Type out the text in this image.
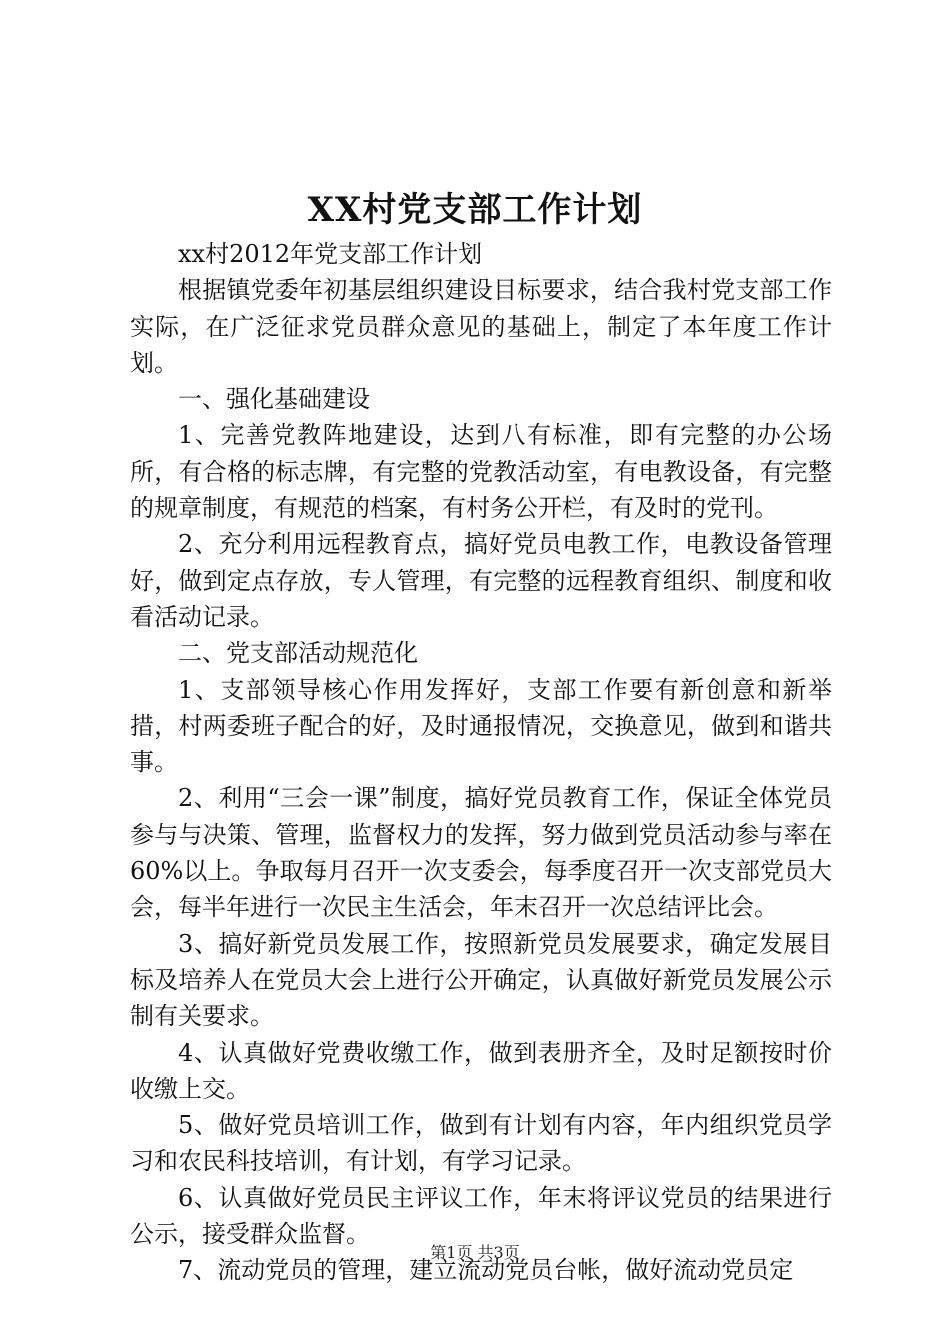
XX村党支部工作计划

xx村2012年党支部工作计划

根据镇党委年初基层组织建设目标要求，结合我村党支部工作实际，在广泛征求党员群众意见的基础上，制定了本年度工作计划。

一、强化基础建设

1、完善党教阵地建设，达到八有标准，即有完整的办公场所，有合格的标志牌，有完整的党教活动室，有电教设备，有完整的规章制度，有规范的档案，有村务公开栏，有及时的党刊。

2、充分利用远程教育点，搞好党员电教工作，电教设备管理好，做到定点存放，专人管理，有完整的远程教育组织、制度和收看活动记录。

二、党支部活动规范化

1、支部领导核心作用发挥好，支部工作要有新创意和新举措，村两委班子配合的好，及时通报情况，交换意见，做到和谐共事。

2、利用“三会一课”制度，搞好党员教育工作，保证全体党员参与与决策、管理，监督权力的发挥，努力做到党员活动参与率在60%以上。争取每月召开一次支委会，每季度召开一次支部党员大会，每半年进行一次民主生活会，年末召开一次总结评比会。

3、搞好新党员发展工作，按照新党员发展要求，确定发展目标及培养人在党员大会上进行公开确定，认真做好新党员发展公示制有关要求。

4、认真做好党费收缴工作，做到表册齐全，及时足额按时价收缴上交。

5、做好党员培训工作，做到有计划有内容，年内组织党员学习和农民科技培训，有计划，有学习记录。

6、认真做好党员民主评议工作，年末将评议党员的结果进行公示，接受群众监督。

7、流动党员的管理，建立流动党员台帐，做好流动党员定

第1页 共3页
